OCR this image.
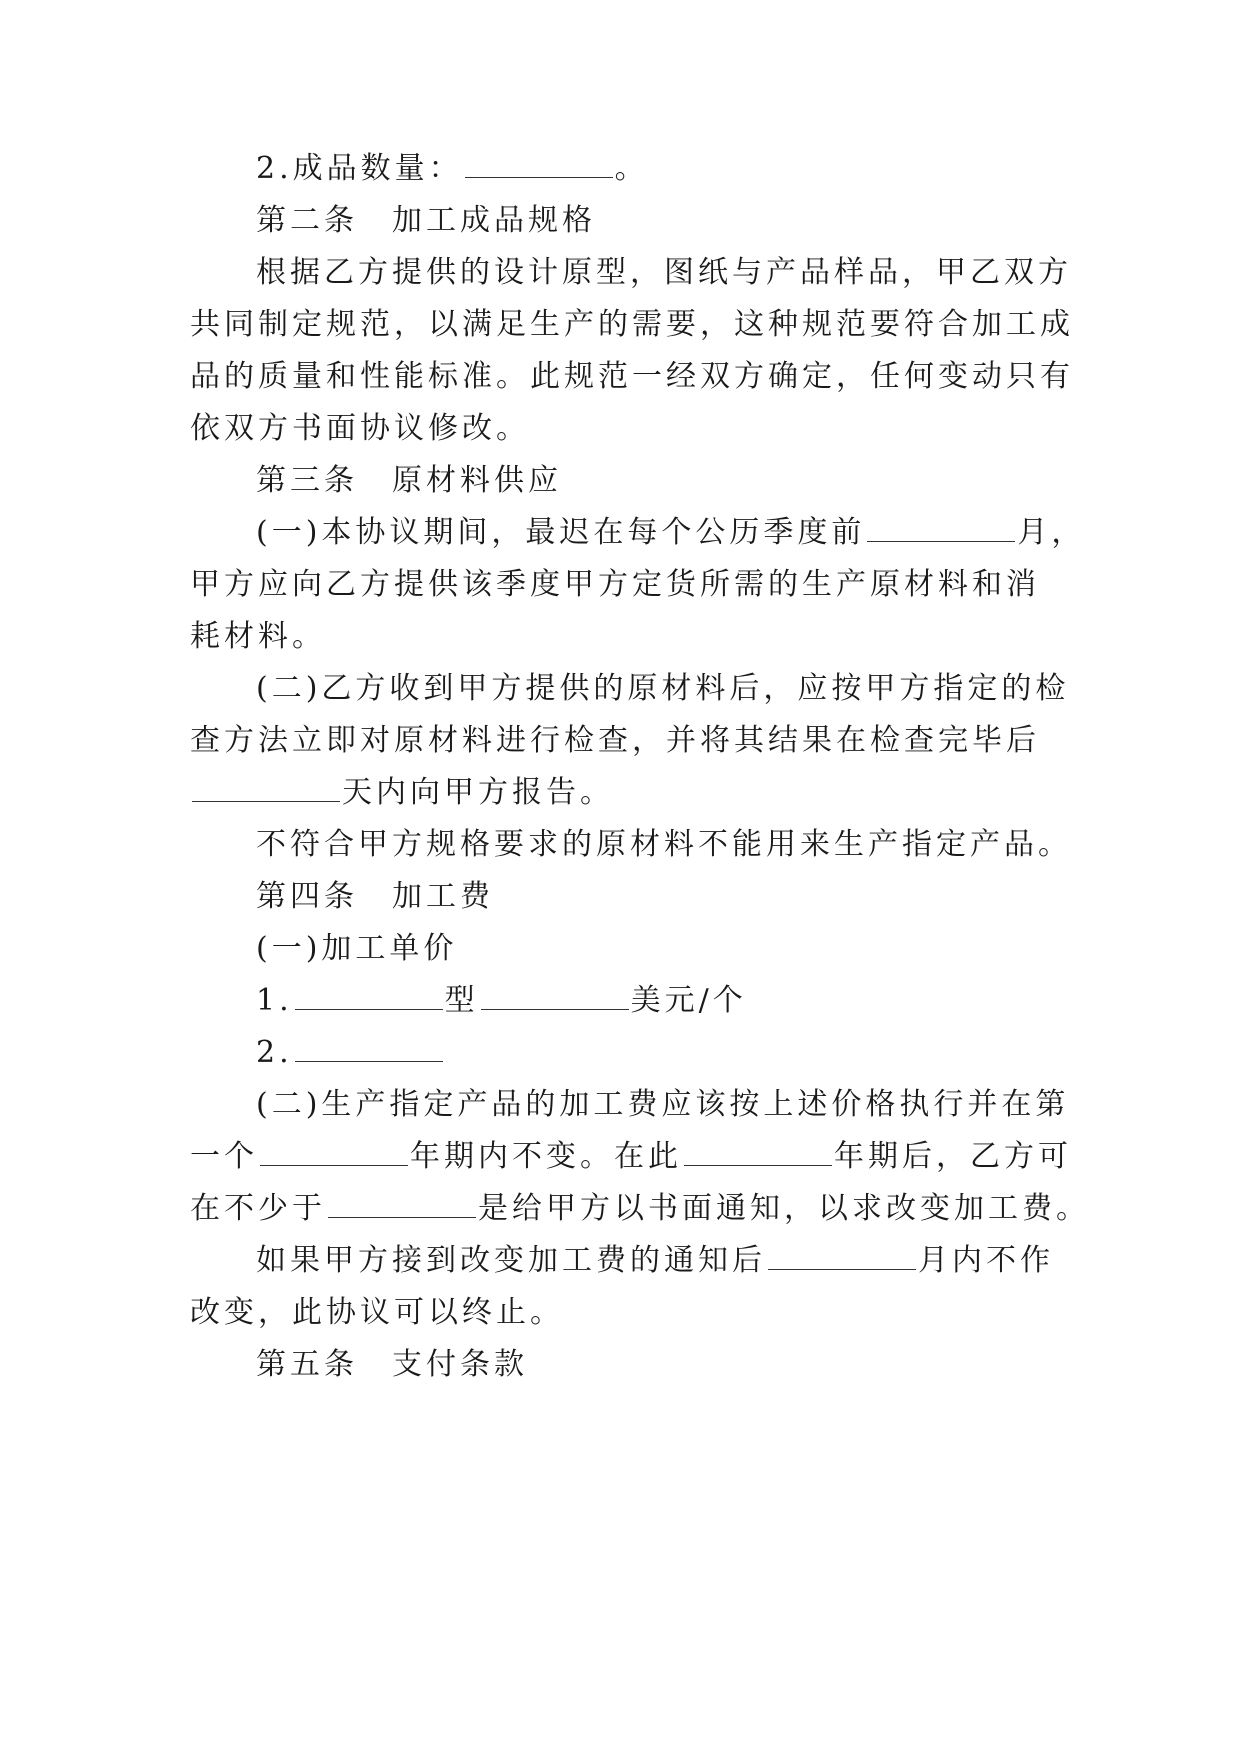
2.成品数量：	。
第二条　加工成品规格
根据乙方提供的设计原型，图纸与产品样品，甲乙双方
共同制定规范，以满足生产的需要，这种规范要符合加工成
品的质量和性能标准。此规范一经双方确定，任何变动只有
依双方书面协议修改。
第三条　原材料供应
(一)本协议期间，最迟在每个公历季度前	月，
甲方应向乙方提供该季度甲方定货所需的生产原材料和消
耗材料。
(二)乙方收到甲方提供的原材料后，应按甲方指定的检
查方法立即对原材料进行检查，并将其结果在检查完毕后
天内向甲方报告。
不符合甲方规格要求的原材料不能用来生产指定产品。
第四条　加工费
(一)加工单价
1.	型	美元/个
2.
(二)生产指定产品的加工费应该按上述价格执行并在第
一个	年期内不变。在此	年期后，乙方可
在不少于	是给甲方以书面通知，以求改变加工费。
如果甲方接到改变加工费的通知后	月内不作
改变，此协议可以终止。
第五条　支付条款
